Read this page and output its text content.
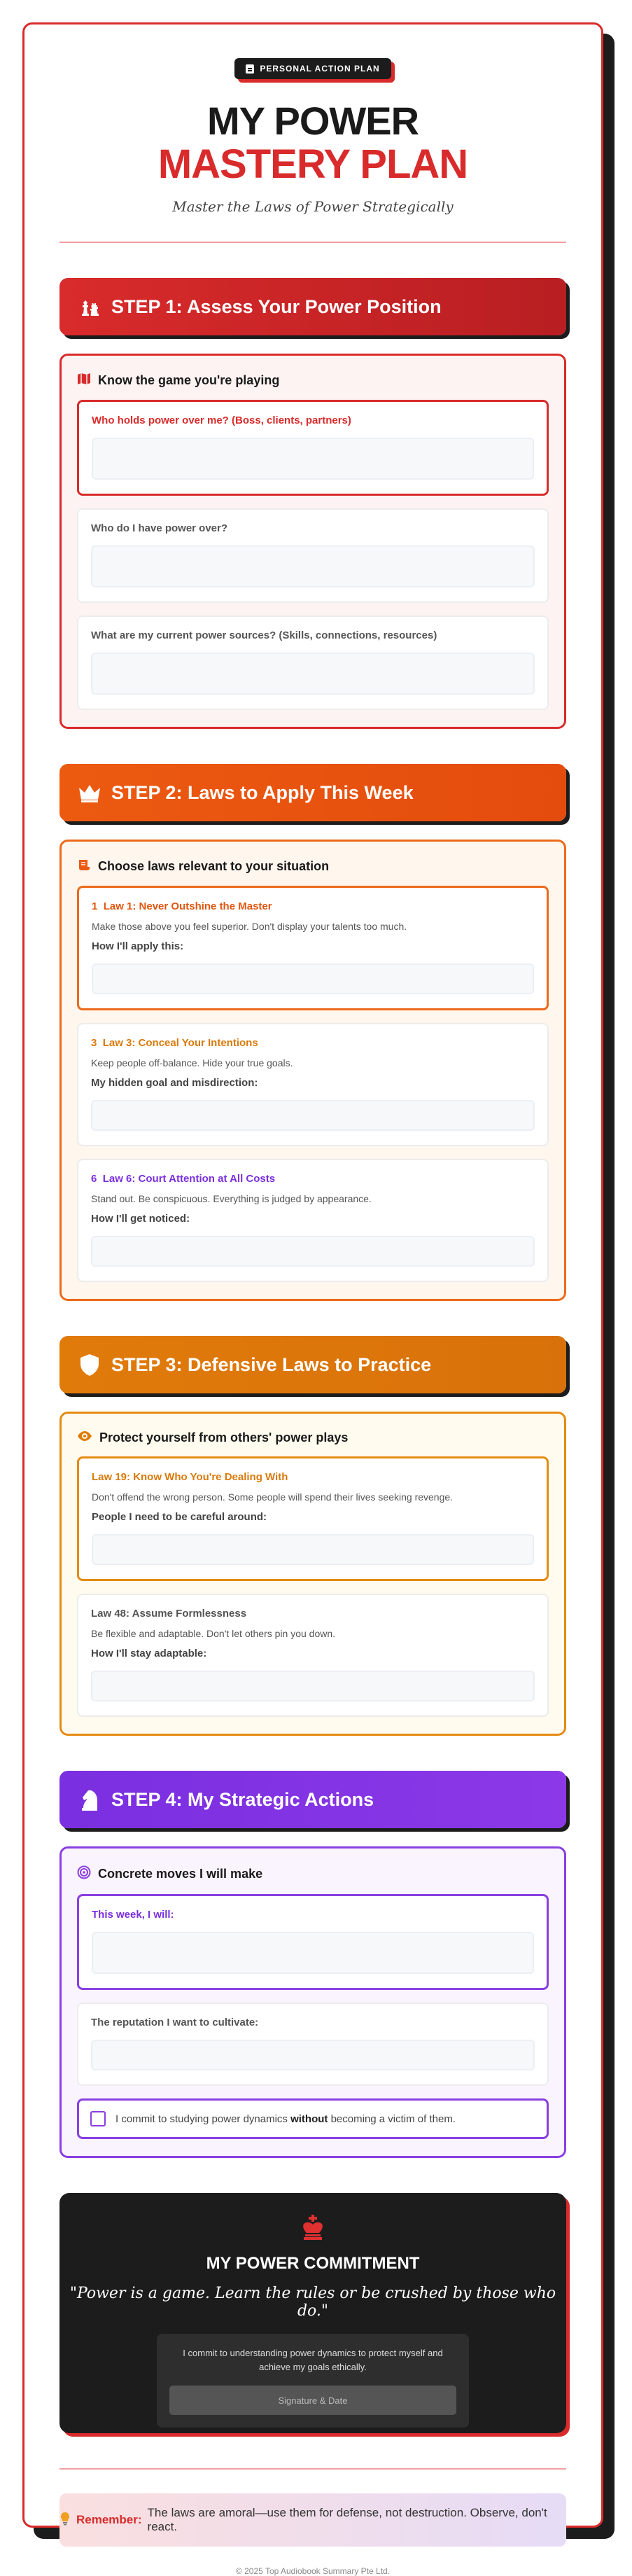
PERSONAL ACTION PLAN
MY POWER
MASTERY PLAN
Master the Laws of Power Strategically
STEP 1: Assess Your Power Position
Know the game you're playing
Who holds power over me? (Boss, clients, partners)
Who do I have power over?
What are my current power sources? (Skills, connections, resources)
STEP 2: Laws to Apply This Week
Choose laws relevant to your situation
1 Law 1: Never Outshine the Master
Make those above you feel superior. Don't display your talents too much.
How I'll apply this:
3 Law 3: Conceal Your Intentions
Keep people off-balance. Hide your true goals.
My hidden goal and misdirection:
6 Law 6: Court Attention at All Costs
Stand out. Be conspicuous. Everything is judged by appearance.
How I'll get noticed:
STEP 3: Defensive Laws to Practice
Protect yourself from others' power plays
Law 19: Know Who You're Dealing With
Don't offend the wrong person. Some people will spend their lives seeking revenge.
People I need to be careful around:
Law 48: Assume Formlessness
Be flexible and adaptable. Don't let others pin you down.
How I'll stay adaptable:
STEP 4: My Strategic Actions
Concrete moves I will make
This week, I will:
The reputation I want to cultivate:
I commit to studying power dynamics without becoming a victim of them.
MY POWER COMMITMENT
"Power is a game. Learn the rules or be crushed by those who do."
I commit to understanding power dynamics to protect myself and achieve my goals ethically.
Signature & Date
Remember:
The laws are amoral—use them for defense, not destruction. Observe, don't react.
© 2025 Top Audiobook Summary Pte Ltd.
